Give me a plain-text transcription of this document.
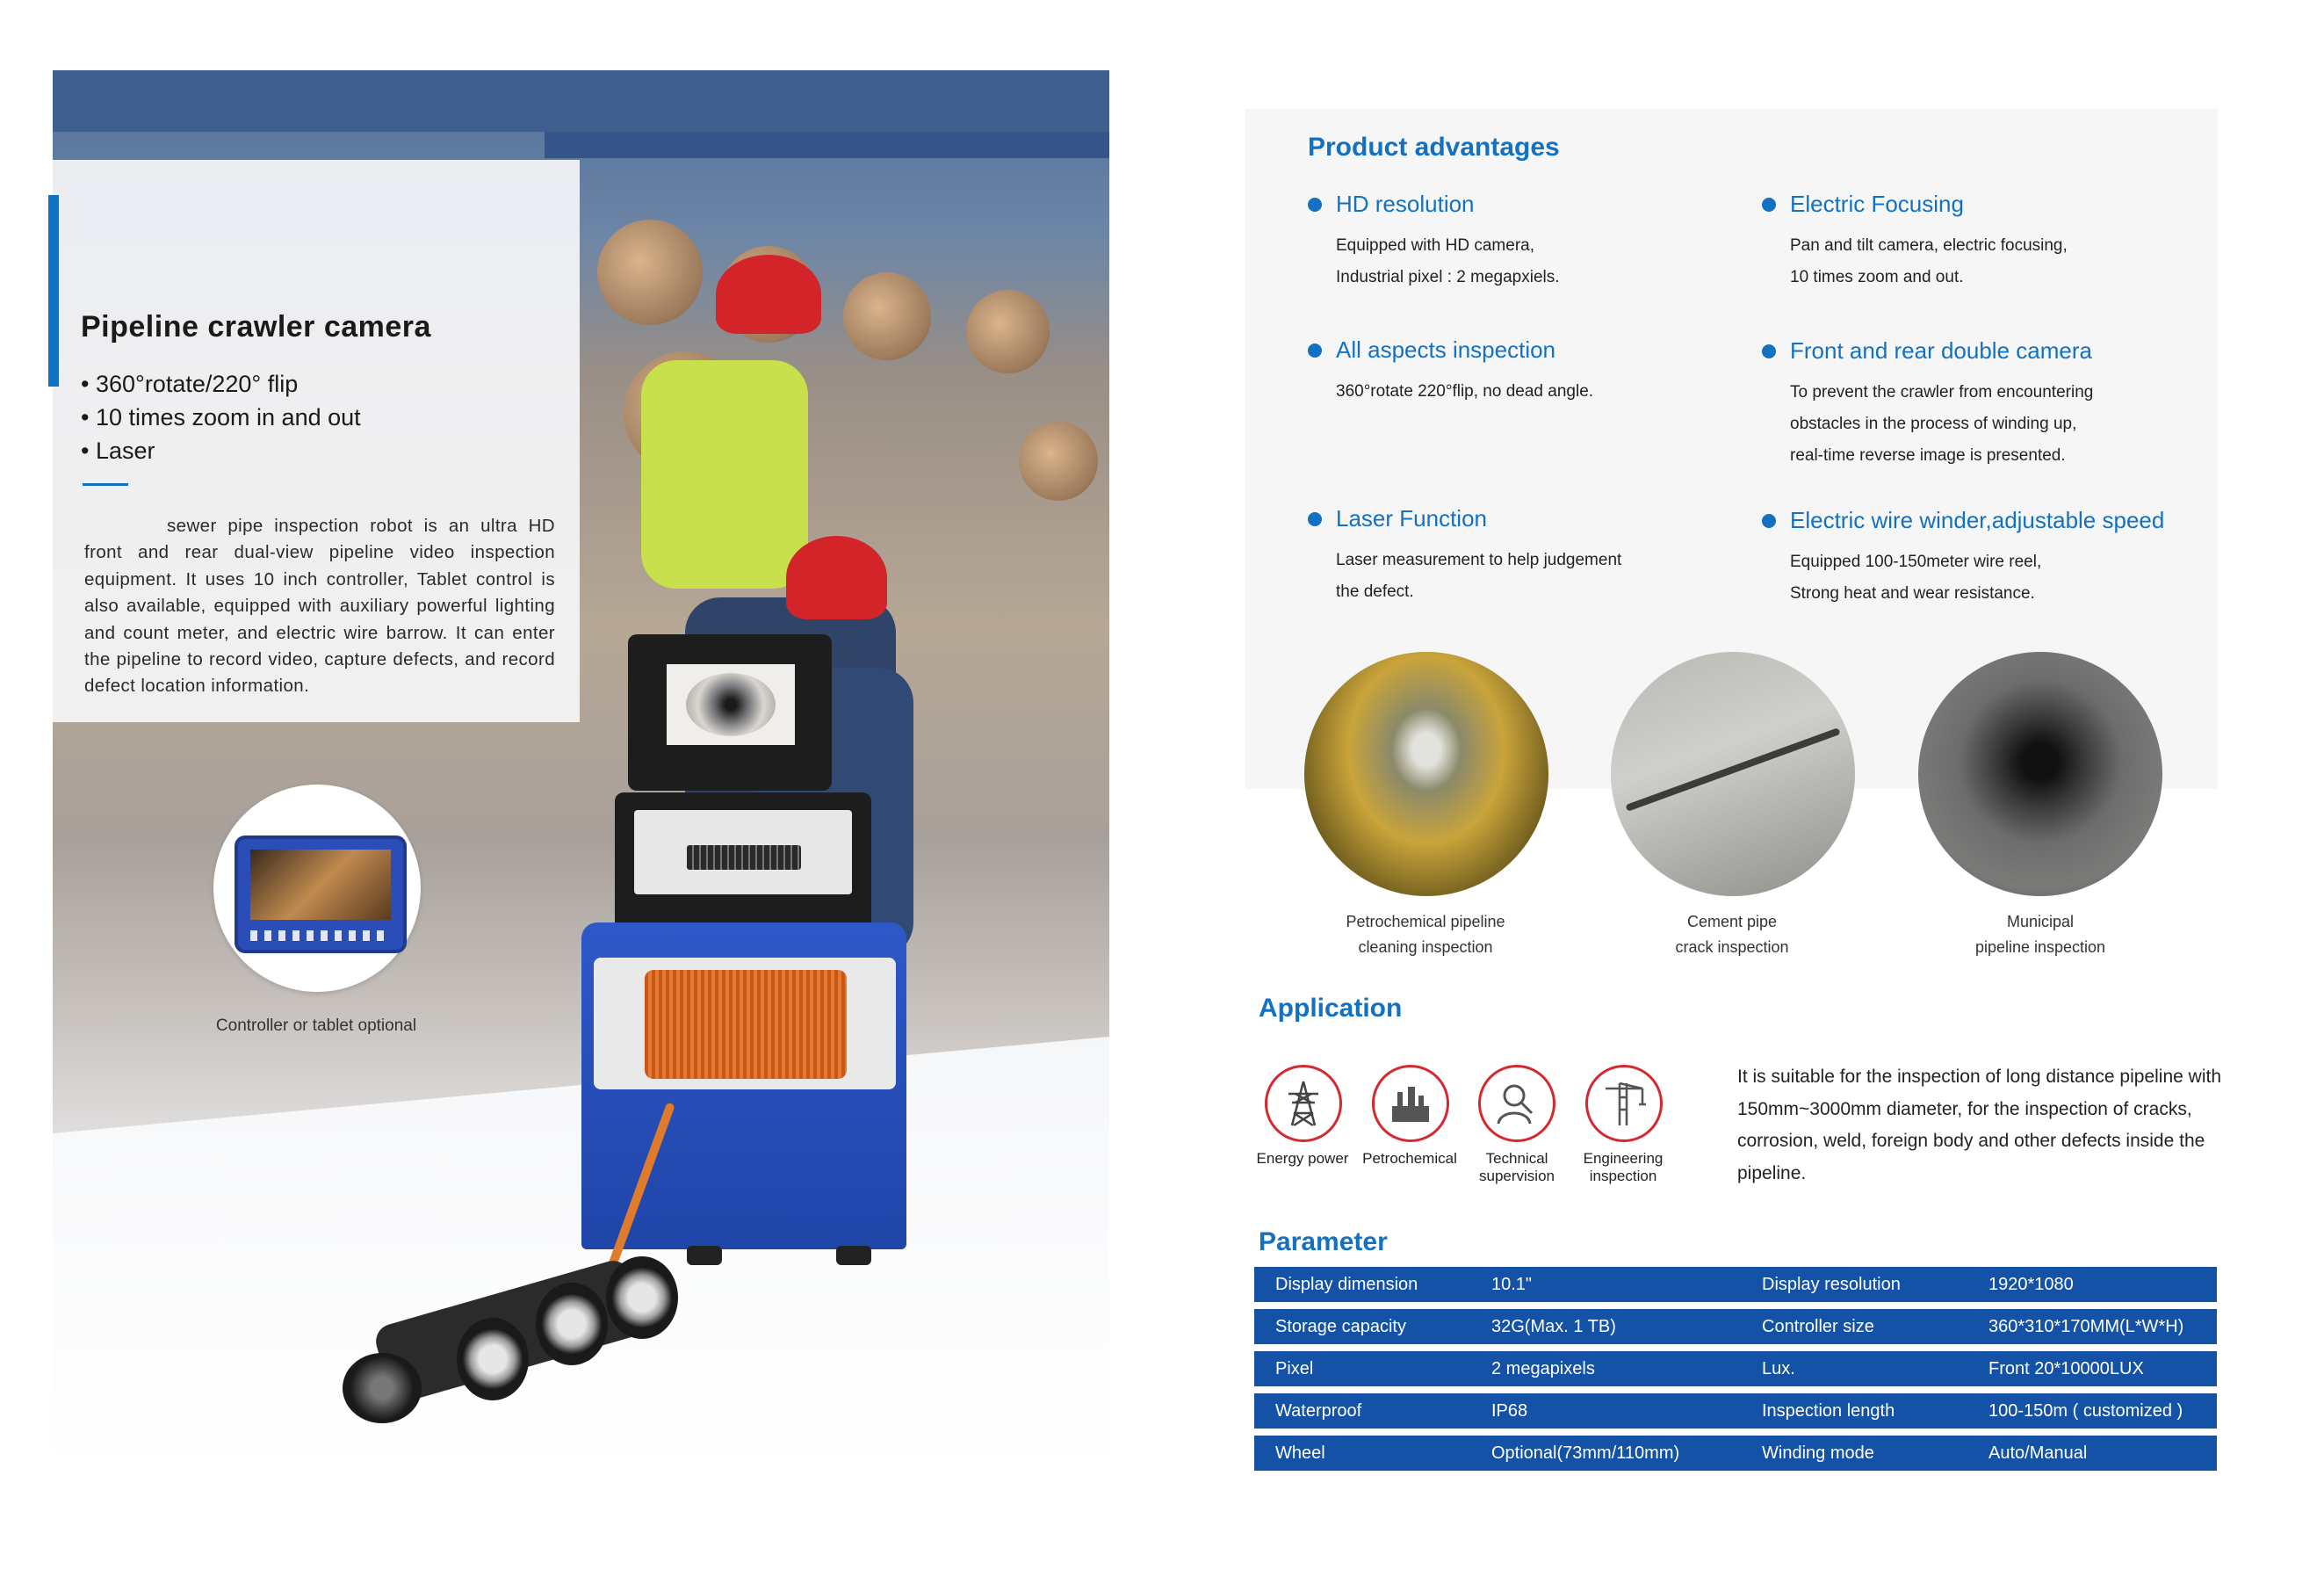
Pipeline crawler camera
• 360°rotate/220° flip
• 10 times zoom in and out
• Laser
sewer pipe inspection robot is an ultra HD front and rear dual-view pipeline video inspection equipment. It uses 10 inch controller, Tablet control is also available, equipped with auxiliary powerful lighting and count meter, and electric wire barrow. It can enter the pipeline to record video, capture defects, and record defect location information.
Controller or tablet optional
Product advantages
HD resolution
Equipped with HD camera,
Industrial pixel : 2 megapxiels.
Electric Focusing
Pan and tilt camera, electric focusing,
10 times zoom and out.
All aspects inspection
360°rotate 220°flip, no dead angle.
Front and rear double camera
To prevent the crawler from encountering
obstacles in the process of winding up,
real-time reverse image is presented.
Laser Function
Laser measurement to help judgement
the defect.
Electric wire winder,adjustable speed
Equipped 100-150meter wire reel,
Strong heat and wear resistance.
Petrochemical pipeline
cleaning inspection
Cement pipe
crack inspection
Municipal
pipeline inspection
Application
Energy power Petrochemical	Technical
supervision
Engineering
inspection
It is suitable for the inspection of long distance pipeline with 150mm~3000mm diameter, for the inspection of cracks, corrosion, weld, foreign body and other defects inside the pipeline.
Parameter
Display dimension	10.1"	Display resolution	1920*1080
Storage capacity	32G(Max. 1 TB)	Controller size	360*310*170MM(L*W*H)
Pixel	2 megapixels	Lux.	Front 20*10000LUX
Waterproof	IP68	Inspection length	100-150m ( customized )
Wheel	Optional(73mm/110mm)	Winding mode	Auto/Manual
